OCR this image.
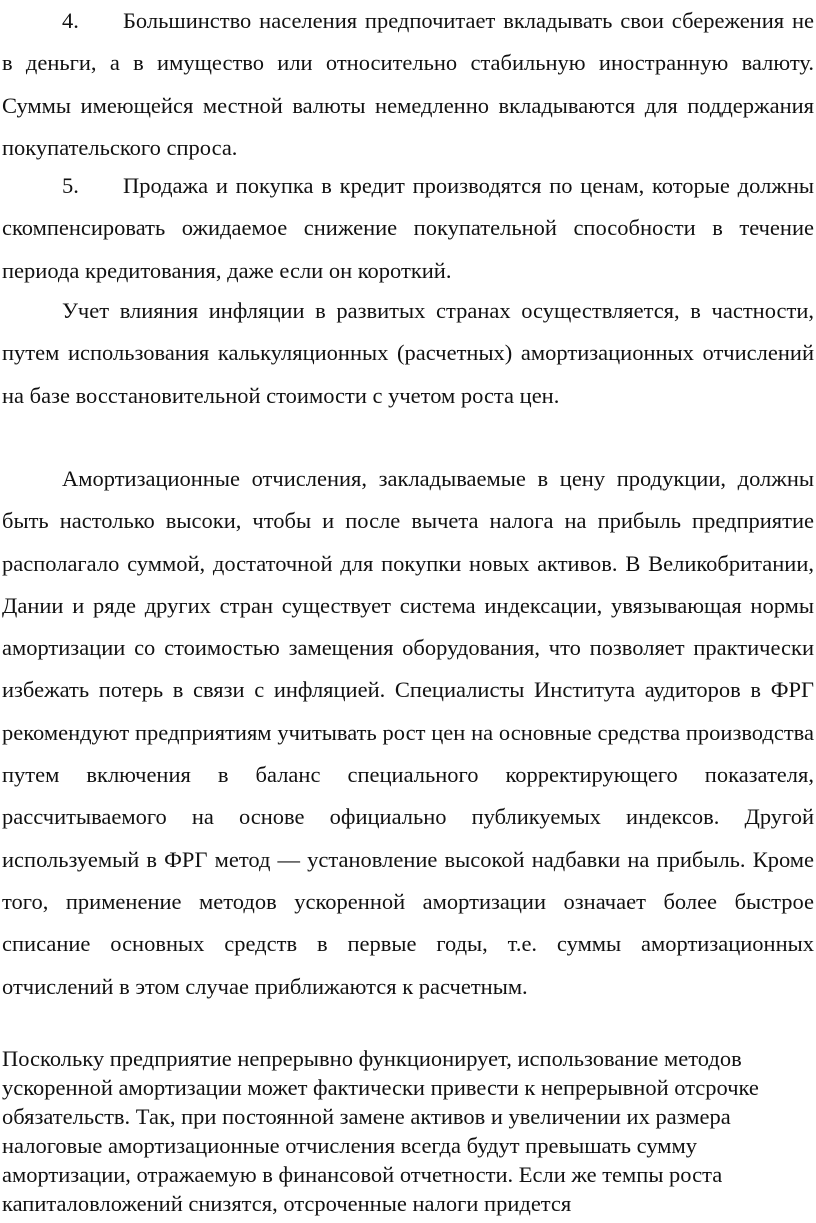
4. Большинство населения предпочитает вкладывать свои сбережения не в деньги, а в имущество или относительно стабильную иностранную валюту. Суммы имеющейся местной валюты немедленно вкладываются для поддержания покупательского спроса.

5. Продажа и покупка в кредит производятся по ценам, которые должны скомпенсировать ожидаемое снижение покупательной способности в течение периода кредитования, даже если он короткий.

Учет влияния инфляции в развитых странах осуществляется, в частности, путем использования калькуляционных (расчетных) амортизационных отчислений на базе восстановительной стоимости с учетом роста цен.

Амортизационные отчисления, закладываемые в цену продукции, должны быть настолько высоки, чтобы и после вычета налога на прибыль предприятие располагало суммой, достаточной для покупки новых активов. В Великобритании, Дании и ряде других стран существует система индексации, увязывающая нормы амортизации со стоимостью замещения оборудования, что позволяет практически избежать потерь в связи с инфляцией. Специалисты Института аудиторов в ФРГ рекомендуют предприятиям учитывать рост цен на основные средства производства путем включения в баланс специального корректирующего показателя, рассчитываемого на основе официально публикуемых индексов. Другой используемый в ФРГ метод — установление высокой надбавки на прибыль. Кроме того, применение методов ускоренной амортизации означает более быстрое списание основных средств в первые годы, т.е. суммы амортизационных отчислений в этом случае приближаются к расчетным.

Поскольку предприятие непрерывно функционирует, использование методов ускоренной амортизации может фактически привести к непрерывной отсрочке обязательств. Так, при постоянной замене активов и увеличении их размера налоговые амортизационные отчисления всегда будут превышать сумму амортизации, отражаемую в финансовой отчетности. Если же темпы роста капиталовложений снизятся, отсроченные налоги придется
